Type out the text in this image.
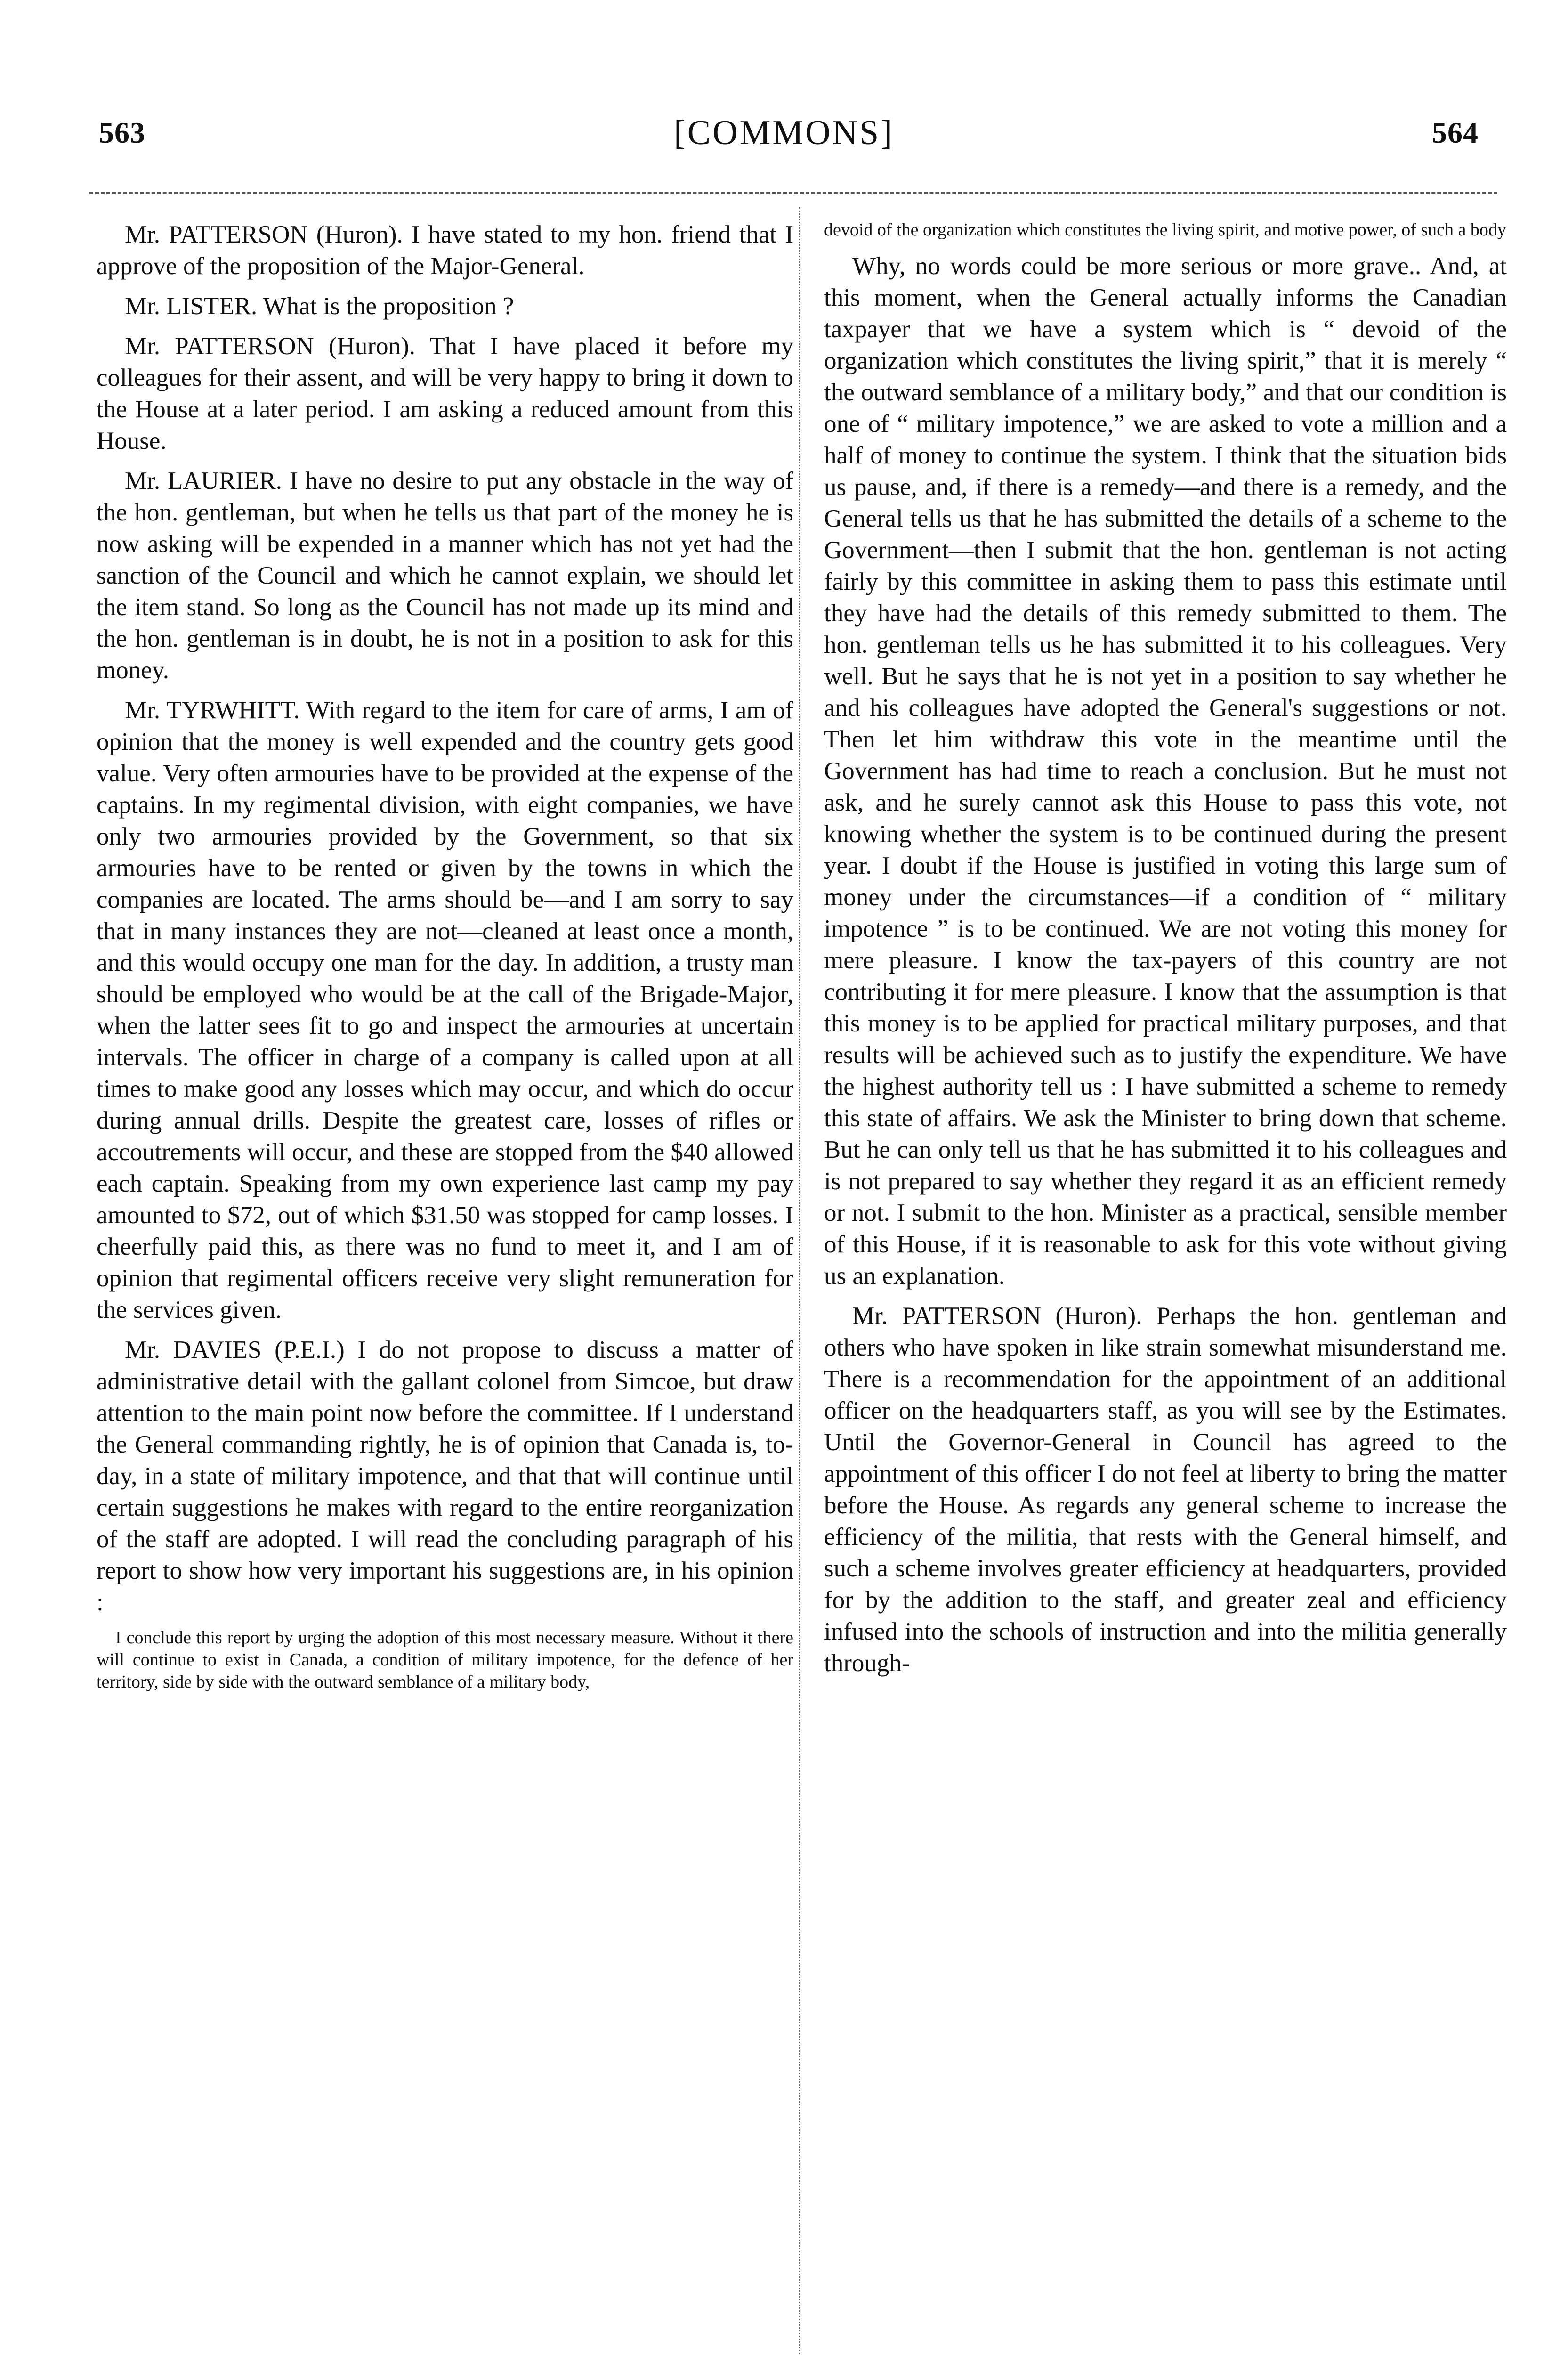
563	[COMMONS]	564

Mr. PATTERSON (Huron). I have stated to my hon. friend that I approve of the proposition of the Major-General.

Mr. LISTER. What is the proposition ?

Mr. PATTERSON (Huron). That I have placed it before my colleagues for their assent, and will be very happy to bring it down to the House at a later period. I am asking a reduced amount from this House.

Mr. LAURIER. I have no desire to put any obstacle in the way of the hon. gentleman, but when he tells us that part of the money he is now asking will be expended in a manner which has not yet had the sanction of the Council and which he cannot explain, we should let the item stand. So long as the Council has not made up its mind and the hon. gentleman is in doubt, he is not in a position to ask for this money.

Mr. TYRWHITT. With regard to the item for care of arms, I am of opinion that the money is well expended and the country gets good value. Very often armouries have to be provided at the expense of the captains. In my regimental division, with eight companies, we have only two armouries provided by the Government, so that six armouries have to be rented or given by the towns in which the companies are located. The arms should be—and I am sorry to say that in many instances they are not—cleaned at least once a month, and this would occupy one man for the day. In addition, a trusty man should be employed who would be at the call of the Brigade-Major, when the latter sees fit to go and inspect the armouries at uncertain intervals. The officer in charge of a company is called upon at all times to make good any losses which may occur, and which do occur during annual drills. Despite the greatest care, losses of rifles or accoutrements will occur, and these are stopped from the $40 allowed each captain. Speaking from my own experience last camp my pay amounted to $72, out of which $31.50 was stopped for camp losses. I cheerfully paid this, as there was no fund to meet it, and I am of opinion that regimental officers receive very slight remuneration for the services given.

Mr. DAVIES (P.E.I.) I do not propose to discuss a matter of administrative detail with the gallant colonel from Simcoe, but draw attention to the main point now before the committee. If I understand the General commanding rightly, he is of opinion that Canada is, to-day, in a state of military impotence, and that that will continue until certain suggestions he makes with regard to the entire reorganization of the staff are adopted. I will read the concluding paragraph of his report to show how very important his suggestions are, in his opinion :

I conclude this report by urging the adoption of this most necessary measure. Without it there will continue to exist in Canada, a condition of military impotence, for the defence of her territory, side by side with the outward semblance of a military body,

devoid of the organization which constitutes the living spirit, and motive power, of such a body

Why, no words could be more serious or more grave.. And, at this moment, when the General actually informs the Canadian taxpayer that we have a system which is “ devoid of the organization which constitutes the living spirit,” that it is merely “ the outward semblance of a military body,” and that our condition is one of “ military impotence,” we are asked to vote a million and a half of money to continue the system. I think that the situation bids us pause, and, if there is a remedy—and there is a remedy, and the General tells us that he has submitted the details of a scheme to the Government—then I submit that the hon. gentleman is not acting fairly by this committee in asking them to pass this estimate until they have had the details of this remedy submitted to them. The hon. gentleman tells us he has submitted it to his colleagues. Very well. But he says that he is not yet in a position to say whether he and his colleagues have adopted the General's suggestions or not. Then let him withdraw this vote in the meantime until the Government has had time to reach a conclusion. But he must not ask, and he surely cannot ask this House to pass this vote, not knowing whether the system is to be continued during the present year. I doubt if the House is justified in voting this large sum of money under the circumstances—if a condition of “ military impotence ” is to be continued. We are not voting this money for mere pleasure. I know the tax-payers of this country are not contributing it for mere pleasure. I know that the assumption is that this money is to be applied for practical military purposes, and that results will be achieved such as to justify the expenditure. We have the highest authority tell us : I have submitted a scheme to remedy this state of affairs. We ask the Minister to bring down that scheme. But he can only tell us that he has submitted it to his colleagues and is not prepared to say whether they regard it as an efficient remedy or not. I submit to the hon. Minister as a practical, sensible member of this House, if it is reasonable to ask for this vote without giving us an explanation.

Mr. PATTERSON (Huron). Perhaps the hon. gentleman and others who have spoken in like strain somewhat misunderstand me. There is a recommendation for the appointment of an additional officer on the headquarters staff, as you will see by the Estimates. Until the Governor-General in Council has agreed to the appointment of this officer I do not feel at liberty to bring the matter before the House. As regards any general scheme to increase the efficiency of the militia, that rests with the General himself, and such a scheme involves greater efficiency at headquarters, provided for by the addition to the staff, and greater zeal and efficiency infused into the schools of instruction and into the militia generally through-
